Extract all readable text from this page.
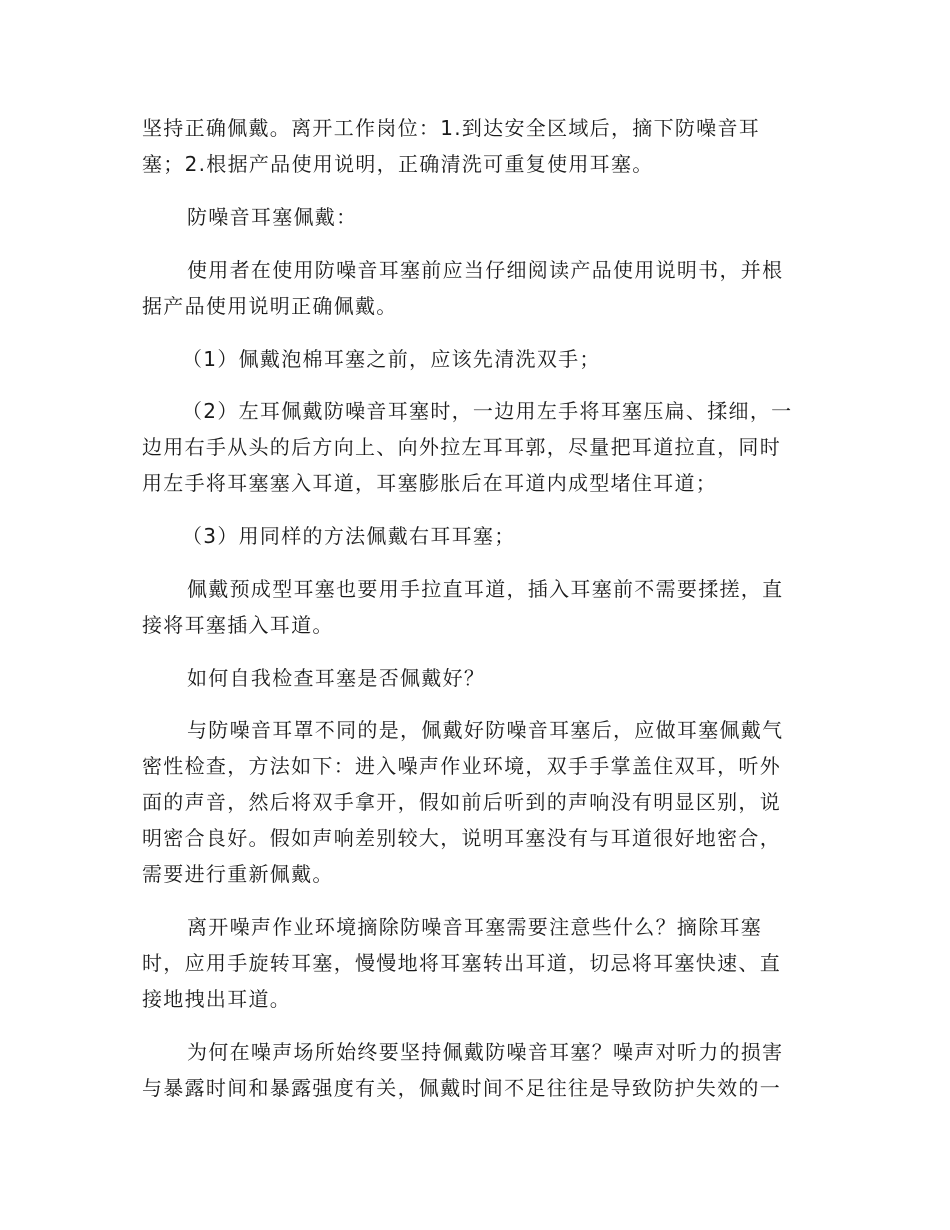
坚持正确佩戴。离开工作岗位：1.到达安全区域后，摘下防噪音耳
塞；2.根据产品使用说明，正确清洗可重复使用耳塞。
防噪音耳塞佩戴：
使用者在使用防噪音耳塞前应当仔细阅读产品使用说明书，并根
据产品使用说明正确佩戴。
（1）佩戴泡棉耳塞之前，应该先清洗双手；
（2）左耳佩戴防噪音耳塞时，一边用左手将耳塞压扁、揉细，一
边用右手从头的后方向上、向外拉左耳耳郭，尽量把耳道拉直，同时
用左手将耳塞塞入耳道，耳塞膨胀后在耳道内成型堵住耳道；
（3）用同样的方法佩戴右耳耳塞；
佩戴预成型耳塞也要用手拉直耳道，插入耳塞前不需要揉搓，直
接将耳塞插入耳道。
如何自我检查耳塞是否佩戴好？
与防噪音耳罩不同的是，佩戴好防噪音耳塞后，应做耳塞佩戴气
密性检查，方法如下：进入噪声作业环境，双手手掌盖住双耳，听外
面的声音，然后将双手拿开，假如前后听到的声响没有明显区别，说
明密合良好。假如声响差别较大，说明耳塞没有与耳道很好地密合，
需要进行重新佩戴。
离开噪声作业环境摘除防噪音耳塞需要注意些什么？摘除耳塞
时，应用手旋转耳塞，慢慢地将耳塞转出耳道，切忌将耳塞快速、直
接地拽出耳道。
为何在噪声场所始终要坚持佩戴防噪音耳塞？噪声对听力的损害
与暴露时间和暴露强度有关，佩戴时间不足往往是导致防护失效的一
